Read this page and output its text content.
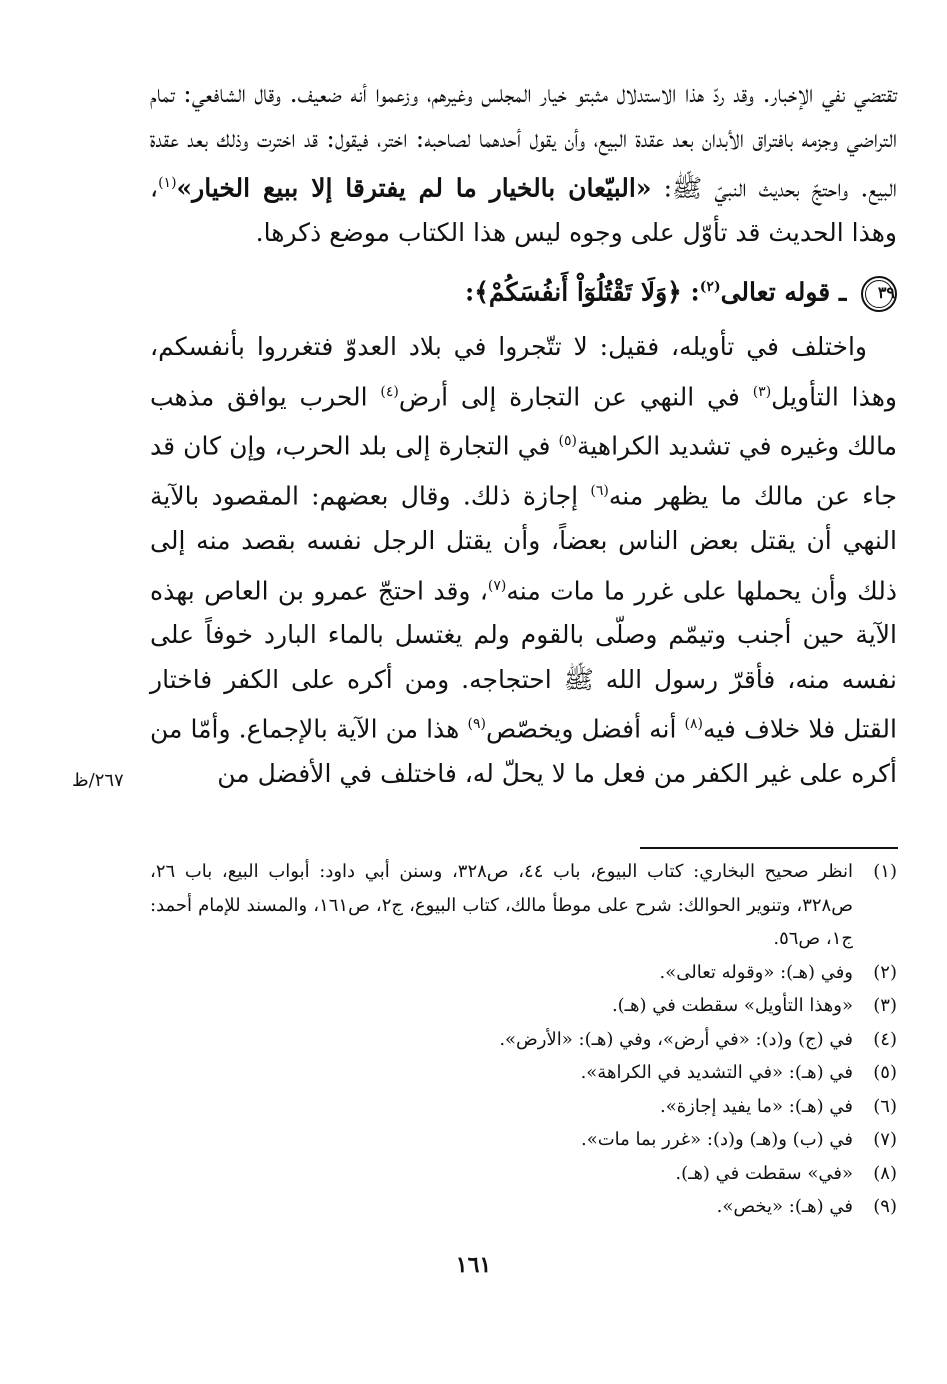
تقتضي نفي الإخبار. وقد ردّ هذا الاستدلال مثبتو خيار المجلس وغيرهم، وزعموا أنه ضعيف. وقال الشافعي: تمام التراضي وجزمه بافتراق الأبدان بعد عقدة البيع، وأن يقول أحدهما لصاحبه: اختر، فيقول: قد اخترت وذلك بعد عقدة البيع. واحتجّ بحديث النبيّ ﷺ: «البيّعان بالخيار ما لم يفترقا إلا ببيع الخيار»$^{(١)}$، وهذا الحديث قد تأوّل على وجوه ليس هذا الكتاب موضع ذكرها.

٣٩ ـ قوله تعالى$^{(٢)}$: ﴿وَلَا تَقْتُلُوٓاْ أَنفُسَكُمْ﴾:

واختلف في تأويله، فقيل: لا تتّجروا في بلاد العدوّ فتغرروا بأنفسكم، وهذا التأويل$^{(٣)}$ في النهي عن التجارة إلى أرض$^{(٤)}$ الحرب يوافق مذهب مالك وغيره في تشديد الكراهية$^{(٥)}$ في التجارة إلى بلد الحرب، وإن كان قد جاء عن مالك ما يظهر منه$^{(٦)}$ إجازة ذلك. وقال بعضهم: المقصود بالآية النهي أن يقتل بعض الناس بعضاً، وأن يقتل الرجل نفسه بقصد منه إلى ذلك وأن يحملها على غرر ما مات منه$^{(٧)}$، وقد احتجّ عمرو بن العاص بهذه الآية حين أجنب وتيمّم وصلّى بالقوم ولم يغتسل بالماء البارد خوفاً على نفسه منه، فأقرّ رسول الله ﷺ احتجاجه. ومن أكره على الكفر فاختار القتل فلا خلاف فيه$^{(٨)}$ أنه أفضل ويخصّص$^{(٩)}$ هذا من الآية بالإجماع. وأمّا من أكره على غير الكفر من فعل ما لا يحلّ له، فاختلف في الأفضل من

٢٦٧/ظ
(١)
انظر صحيح البخاري: كتاب البيوع، باب ٤٤، ص٣٢٨، وسنن أبي داود: أبواب البيع، باب ٢٦، ص٣٢٨، وتنوير الحوالك: شرح على موطأ مالك، كتاب البيوع، ج٢، ص١٦١، والمسند للإمام أحمد: ج١، ص٥٦.
(٢)
وفي (هـ): «وقوله تعالى».
(٣)
«وهذا التأويل» سقطت في (هـ).
(٤)
في (ج) و(د): «في أرض»، وفي (هـ): «الأرض».
(٥)
في (هـ): «في التشديد في الكراهة».
(٦)
في (هـ): «ما يفيد إجازة».
(٧)
في (ب) و(هـ) و(د): «غرر بما مات».
(٨)
«في» سقطت في (هـ).
(٩)
في (هـ): «يخص».
١٦١
